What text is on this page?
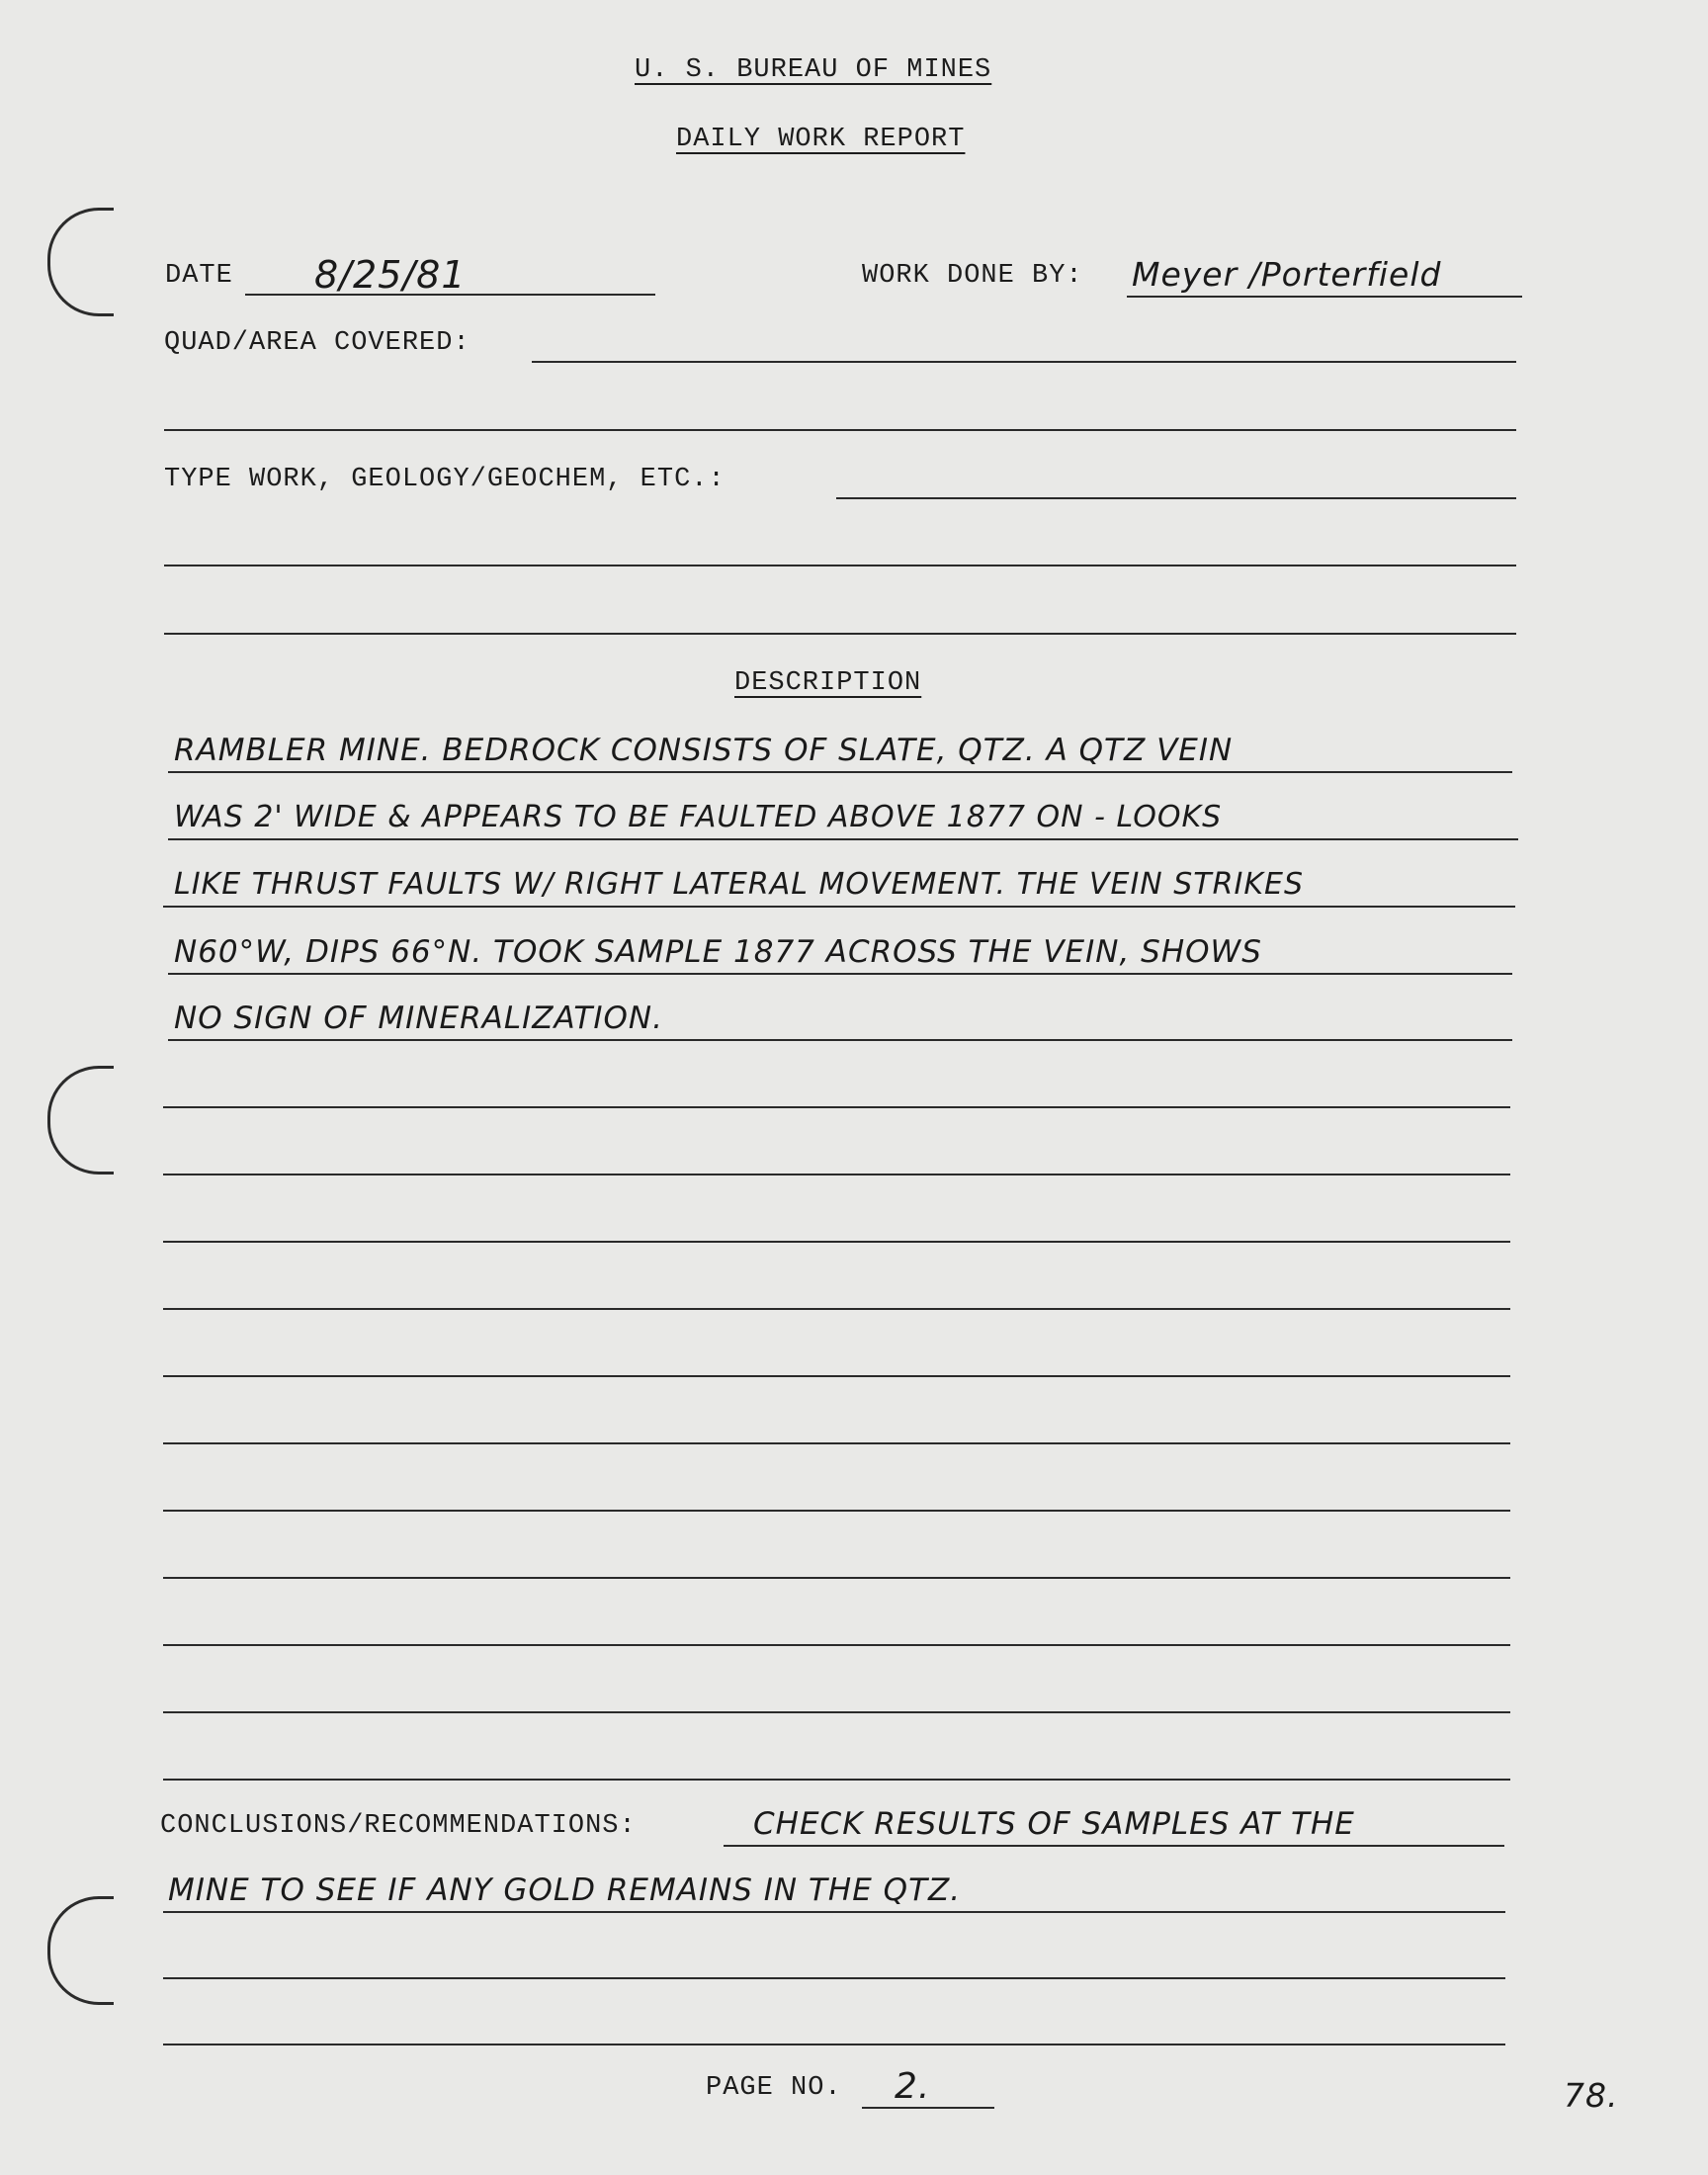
U. S. BUREAU OF MINES
DAILY WORK REPORT
DATE 8/25/81	WORK DONE BY: Meyer /Porterfield
QUAD/AREA COVERED:
TYPE WORK, GEOLOGY/GEOCHEM, ETC.:
DESCRIPTION
RAMBLER MINE. BEDROCK CONSISTS OF SLATE, QTZ. A QTZ VEIN
WAS 2' WIDE & APPEARS TO BE FAULTED ABOVE 1877 ON - LOOKS
LIKE THRUST FAULTS W/ RIGHT LATERAL MOVEMENT. THE VEIN STRIKES
N60°W, DIPS 66°N. TOOK SAMPLE 1877 ACROSS THE VEIN, SHOWS
NO SIGN OF MINERALIZATION.
CONCLUSIONS/RECOMMENDATIONS:	CHECK RESULTS OF SAMPLES AT THE
MINE TO SEE IF ANY GOLD REMAINS IN THE QTZ.
PAGE NO. 2.	78.
